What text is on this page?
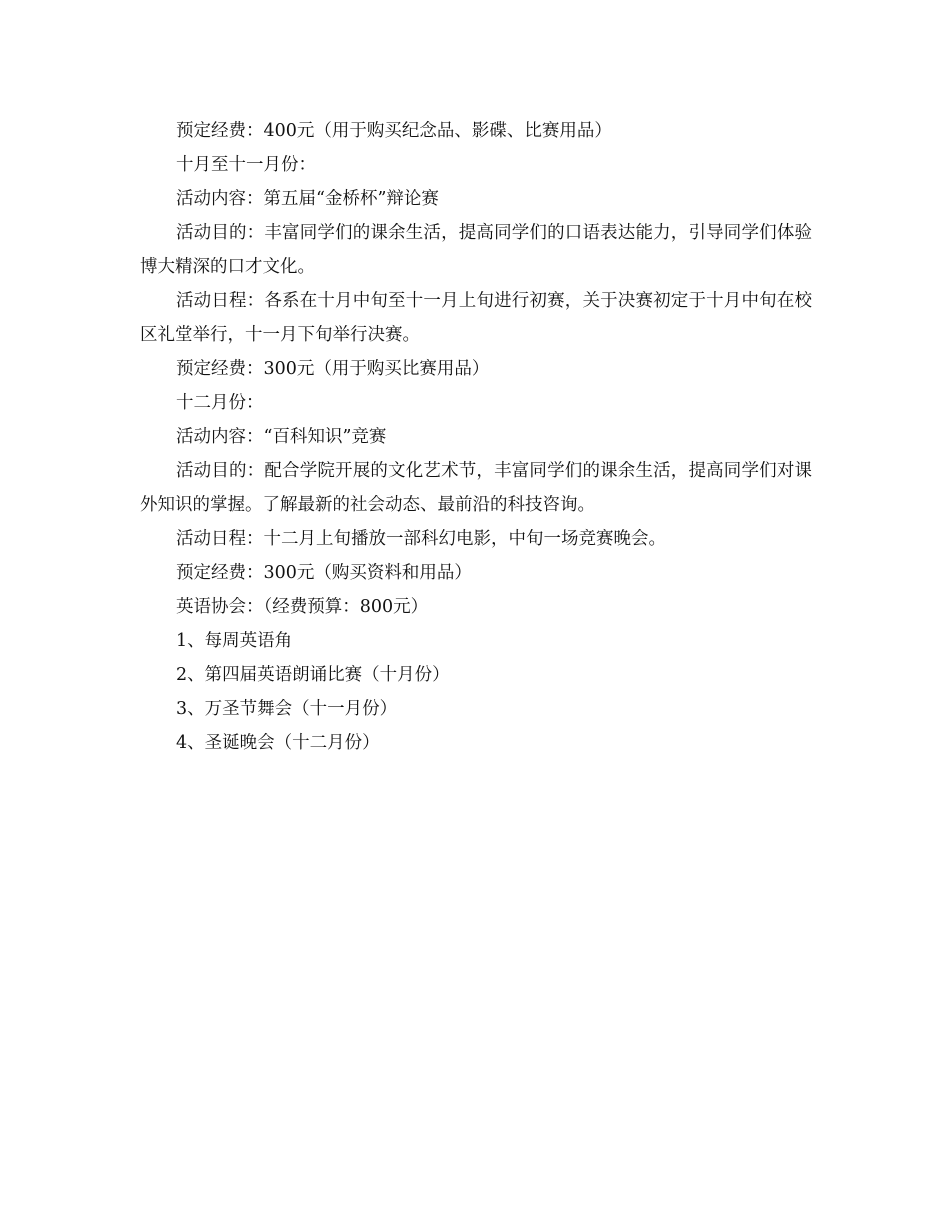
预定经费：400元（用于购买纪念品、影碟、比赛用品）

十月至十一月份：

活动内容：第五届“金桥杯”辩论赛

活动目的：丰富同学们的课余生活，提高同学们的口语表达能力，引导同学们体验博大精深的口才文化。

活动日程：各系在十月中旬至十一月上旬进行初赛，关于决赛初定于十月中旬在校区礼堂举行，十一月下旬举行决赛。

预定经费：300元（用于购买比赛用品）

十二月份：

活动内容：“百科知识”竞赛

活动目的：配合学院开展的文化艺术节，丰富同学们的课余生活，提高同学们对课外知识的掌握。了解最新的社会动态、最前沿的科技咨询。

活动日程：十二月上旬播放一部科幻电影，中旬一场竞赛晚会。

预定经费：300元（购买资料和用品）

英语协会：（经费预算：800元）

1、每周英语角

2、第四届英语朗诵比赛（十月份）

3、万圣节舞会（十一月份）

4、圣诞晚会（十二月份）
